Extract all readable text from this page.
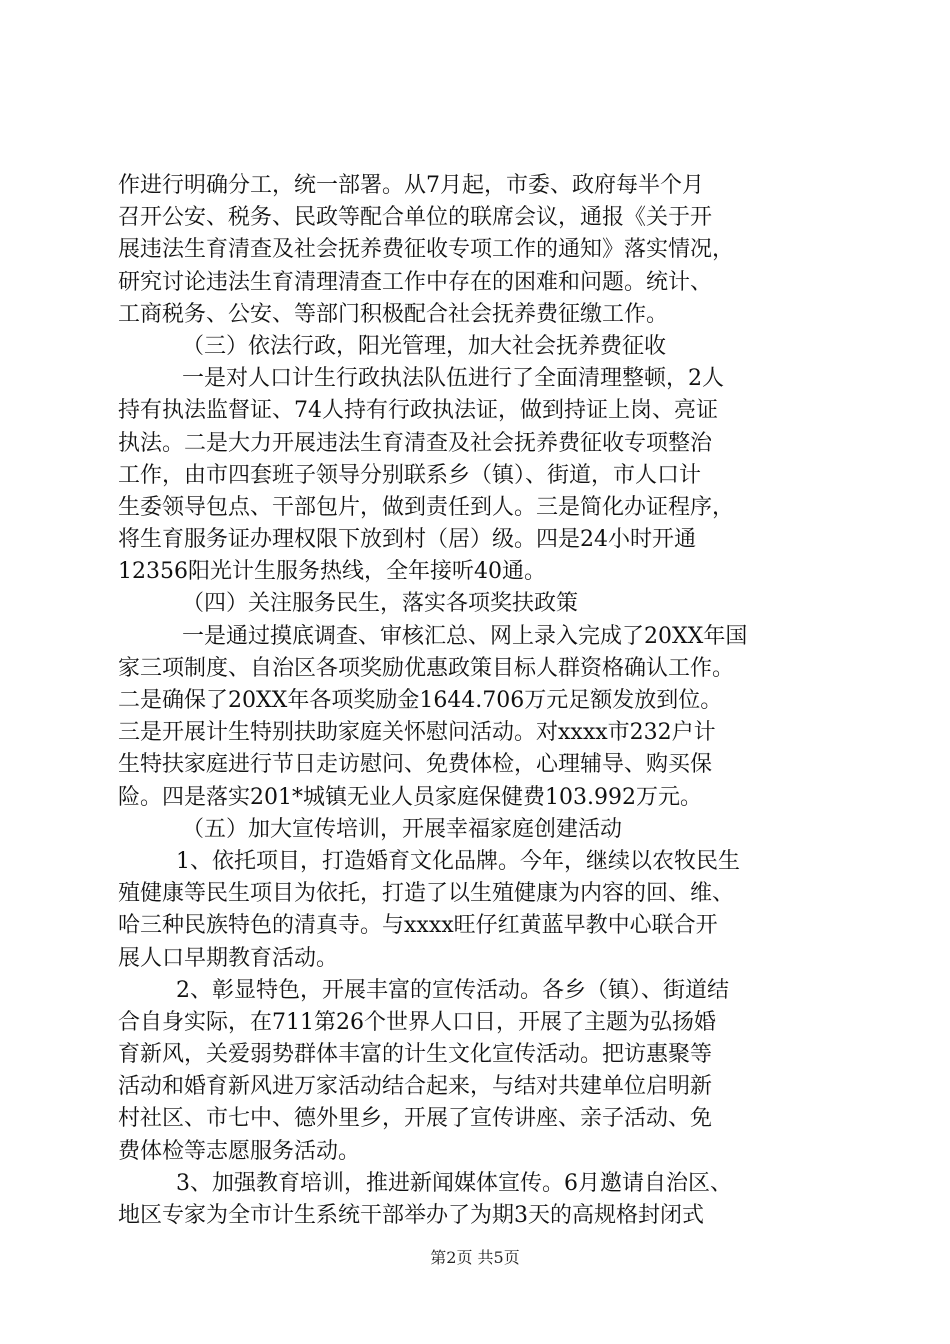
作进行明确分工，统一部署。从7月起，市委、政府每半个月
召开公安、税务、民政等配合单位的联席会议，通报《关于开
展违法生育清查及社会抚养费征收专项工作的通知》落实情况，
研究讨论违法生育清理清查工作中存在的困难和问题。统计、
工商税务、公安、等部门积极配合社会抚养费征缴工作。
（三）依法行政，阳光管理，加大社会抚养费征收
一是对人口计生行政执法队伍进行了全面清理整顿，2人
持有执法监督证、74人持有行政执法证，做到持证上岗、亮证
执法。二是大力开展违法生育清查及社会抚养费征收专项整治
工作，由市四套班子领导分别联系乡（镇）、街道，市人口计
生委领导包点、干部包片，做到责任到人。三是简化办证程序，
将生育服务证办理权限下放到村（居）级。四是24小时开通
12356阳光计生服务热线，全年接听40通。
（四）关注服务民生，落实各项奖扶政策
一是通过摸底调查、审核汇总、网上录入完成了20XX年国
家三项制度、自治区各项奖励优惠政策目标人群资格确认工作。
二是确保了20XX年各项奖励金1644.706万元足额发放到位。
三是开展计生特别扶助家庭关怀慰问活动。对xxxx市232户计
生特扶家庭进行节日走访慰问、免费体检，心理辅导、购买保
险。四是落实201*城镇无业人员家庭保健费103.992万元。
（五）加大宣传培训，开展幸福家庭创建活动
1、依托项目，打造婚育文化品牌。今年，继续以农牧民生
殖健康等民生项目为依托，打造了以生殖健康为内容的回、维、
哈三种民族特色的清真寺。与xxxx旺仔红黄蓝早教中心联合开
展人口早期教育活动。
2、彰显特色，开展丰富的宣传活动。各乡（镇）、街道结
合自身实际，在711第26个世界人口日，开展了主题为弘扬婚
育新风，关爱弱势群体丰富的计生文化宣传活动。把访惠聚等
活动和婚育新风进万家活动结合起来，与结对共建单位启明新
村社区、市七中、德外里乡，开展了宣传讲座、亲子活动、免
费体检等志愿服务活动。
3、加强教育培训，推进新闻媒体宣传。6月邀请自治区、
地区专家为全市计生系统干部举办了为期3天的高规格封闭式
第2页 共5页
